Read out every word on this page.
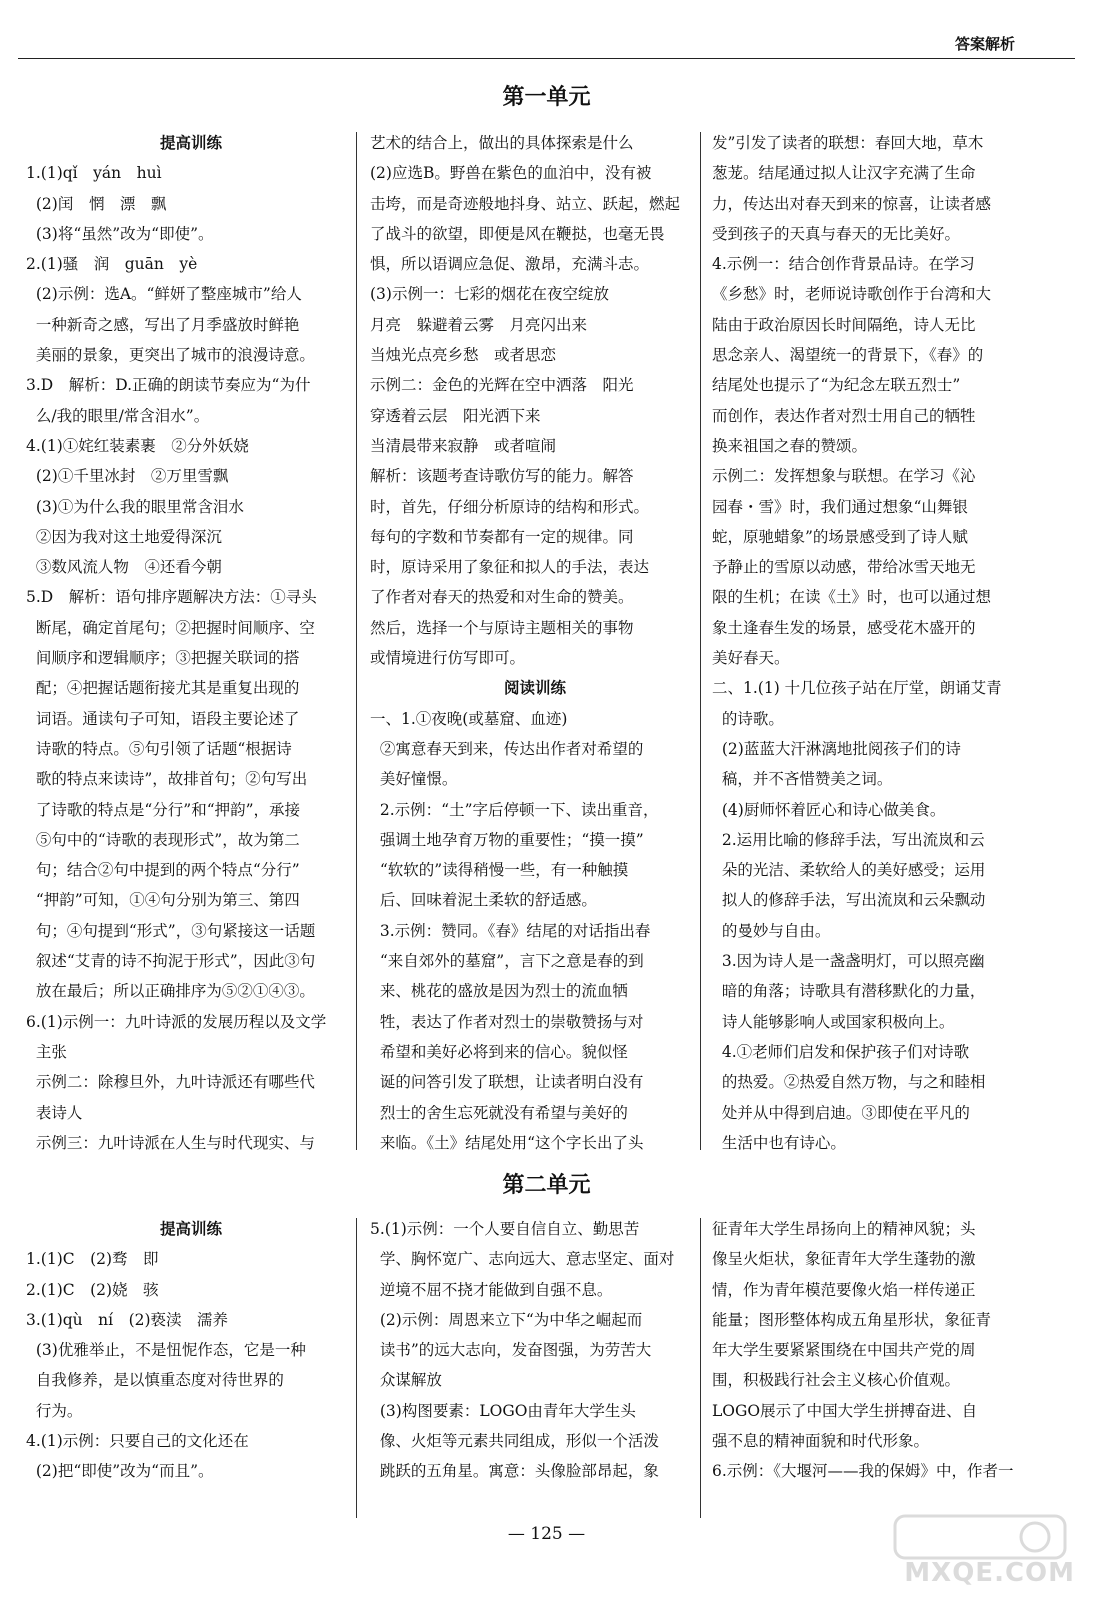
答案解析
第一单元

提高训练

1.(1)qǐ　yán　huì

(2)闰　惘　漂　飘

(3)将“虽然”改为“即使”。

2.(1)骚　润　guān　yè

(2)示例：选A。“鲜妍了整座城市”给人

一种新奇之感，写出了月季盛放时鲜艳

美丽的景象，更突出了城市的浪漫诗意。

3.D　解析：D.正确的朗读节奏应为“为什

么/我的眼里/常含泪水”。

4.(1)①姹红装素裹　②分外妖娆

(2)①千里冰封　②万里雪飘

(3)①为什么我的眼里常含泪水

②因为我对这土地爱得深沉

③数风流人物　④还看今朝

5.D　解析：语句排序题解决方法：①寻头

断尾，确定首尾句；②把握时间顺序、空

间顺序和逻辑顺序；③把握关联词的搭

配；④把握话题衔接尤其是重复出现的

词语。通读句子可知，语段主要论述了

诗歌的特点。⑤句引领了话题“根据诗

歌的特点来读诗”，故排首句；②句写出

了诗歌的特点是“分行”和“押韵”，承接

⑤句中的“诗歌的表现形式”，故为第二

句；结合②句中提到的两个特点“分行”

“押韵”可知，①④句分别为第三、第四

句；④句提到“形式”，③句紧接这一话题

叙述“艾青的诗不拘泥于形式”，因此③句

放在最后；所以正确排序为⑤②①④③。

6.(1)示例一：九叶诗派的发展历程以及文学

主张

示例二：除穆旦外，九叶诗派还有哪些代

表诗人

示例三：九叶诗派在人生与时代现实、与

艺术的结合上，做出的具体探索是什么

(2)应选B。野兽在紫色的血泊中，没有被

击垮，而是奇迹般地抖身、站立、跃起，燃起

了战斗的欲望，即便是风在鞭挞，也毫无畏

惧，所以语调应急促、激昂，充满斗志。

(3)示例一：七彩的烟花在夜空绽放

月亮　躲避着云雾　月亮闪出来

当烛光点亮乡愁　或者思恋

示例二：金色的光辉在空中洒落　阳光

穿透着云层　阳光洒下来

当清晨带来寂静　或者喧闹

解析：该题考查诗歌仿写的能力。解答

时，首先，仔细分析原诗的结构和形式。

每句的字数和节奏都有一定的规律。同

时，原诗采用了象征和拟人的手法，表达

了作者对春天的热爱和对生命的赞美。

然后，选择一个与原诗主题相关的事物

或情境进行仿写即可。

阅读训练

一、1.①夜晚(或墓窟、血迹)

②寓意春天到来，传达出作者对希望的

美好憧憬。

2.示例：“土”字后停顿一下、读出重音，

强调土地孕育万物的重要性；“摸一摸”

“软软的”读得稍慢一些，有一种触摸

后、回味着泥土柔软的舒适感。

3.示例：赞同。《春》结尾的对话指出春

“来自郊外的墓窟”，言下之意是春的到

来、桃花的盛放是因为烈士的流血牺

牲，表达了作者对烈士的崇敬赞扬与对

希望和美好必将到来的信心。貌似怪

诞的问答引发了联想，让读者明白没有

烈士的舍生忘死就没有希望与美好的

来临。《土》结尾处用“这个字长出了头

发”引发了读者的联想：春回大地，草木

葱茏。结尾通过拟人让汉字充满了生命

力，传达出对春天到来的惊喜，让读者感

受到孩子的天真与春天的无比美好。

4.示例一：结合创作背景品诗。在学习

《乡愁》时，老师说诗歌创作于台湾和大

陆由于政治原因长时间隔绝，诗人无比

思念亲人、渴望统一的背景下，《春》的

结尾处也提示了“为纪念左联五烈士”

而创作，表达作者对烈士用自己的牺牲

换来祖国之春的赞颂。

示例二：发挥想象与联想。在学习《沁

园春・雪》时，我们通过想象“山舞银

蛇，原驰蜡象”的场景感受到了诗人赋

予静止的雪原以动感，带给冰雪天地无

限的生机；在读《土》时，也可以通过想

象土逢春生发的场景，感受花木盛开的

美好春天。

二、1.(1) 十几位孩子站在厅堂，朗诵艾青

的诗歌。

(2)蓝蓝大汗淋漓地批阅孩子们的诗

稿，并不吝惜赞美之词。

(4)厨师怀着匠心和诗心做美食。

2.运用比喻的修辞手法，写出流岚和云

朵的光洁、柔软给人的美好感受；运用

拟人的修辞手法，写出流岚和云朵飘动

的曼妙与自由。

3.因为诗人是一盏盏明灯，可以照亮幽

暗的角落；诗歌具有潜移默化的力量，

诗人能够影响人或国家积极向上。

4.①老师们启发和保护孩子们对诗歌

的热爱。②热爱自然万物，与之和睦相

处并从中得到启迪。③即使在平凡的

生活中也有诗心。

第二单元

提高训练

1.(1)C　(2)骛　即

2.(1)C　(2)娆　骇

3.(1)qù　ní　(2)亵渎　濡养

(3)优雅举止，不是忸怩作态，它是一种

自我修养，是以慎重态度对待世界的

行为。

4.(1)示例：只要自己的文化还在

(2)把“即使”改为“而且”。

5.(1)示例：一个人要自信自立、勤思苦

学、胸怀宽广、志向远大、意志坚定、面对

逆境不屈不挠才能做到自强不息。

(2)示例：周恩来立下“为中华之崛起而

读书”的远大志向，发奋图强，为劳苦大

众谋解放

(3)构图要素：LOGO由青年大学生头

像、火炬等元素共同组成，形似一个活泼

跳跃的五角星。寓意：头像脸部昂起，象

征青年大学生昂扬向上的精神风貌；头

像呈火炬状，象征青年大学生蓬勃的激

情，作为青年模范要像火焰一样传递正

能量；图形整体构成五角星形状，象征青

年大学生要紧紧围绕在中国共产党的周

围，积极践行社会主义核心价值观。

LOGO展示了中国大学生拼搏奋进、自

强不息的精神面貌和时代形象。

6.示例：《大堰河——我的保姆》中，作者一

— 125 —
MXQE.COM
